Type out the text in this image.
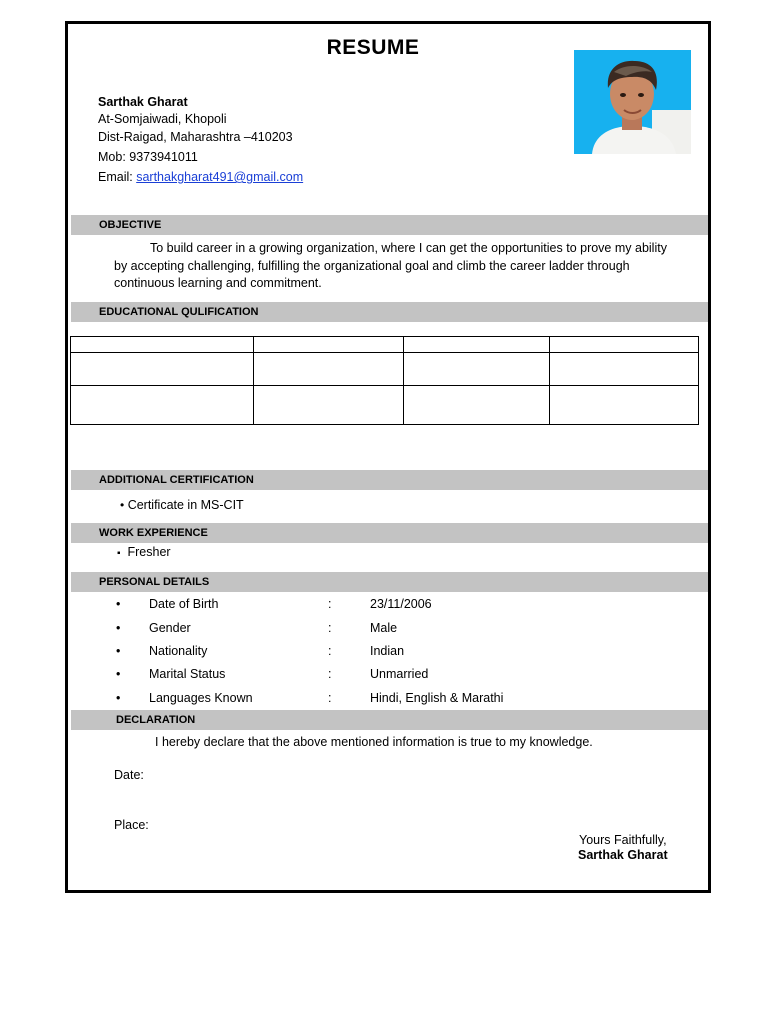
RESUME
Sarthak Gharat
At-Somjaiwadi, Khopoli
Dist-Raigad, Maharashtra –410203
Mob: 9373941011
Email: sarthakgharat491@gmail.com
OBJECTIVE
To build career in a growing organization, where I can get the opportunities to prove my ability by accepting challenging, fulfilling the organizational goal and climb the career ladder through continuous learning and commitment.
EDUCATIONAL QULIFICATION

ADDITIONAL CERTIFICATION
• Certificate in MS-CIT
WORK EXPERIENCE
▪ Fresher
PERSONAL DETAILS
• Date of Birth	:	23/11/2006
• Gender	:	Male
• Nationality	:	Indian
• Marital Status	:	Unmarried
• Languages Known	:	Hindi, English & Marathi
DECLARATION
I hereby declare that the above mentioned information is true to my knowledge.
Date:
Place:
Yours Faithfully,
Sarthak Gharat
